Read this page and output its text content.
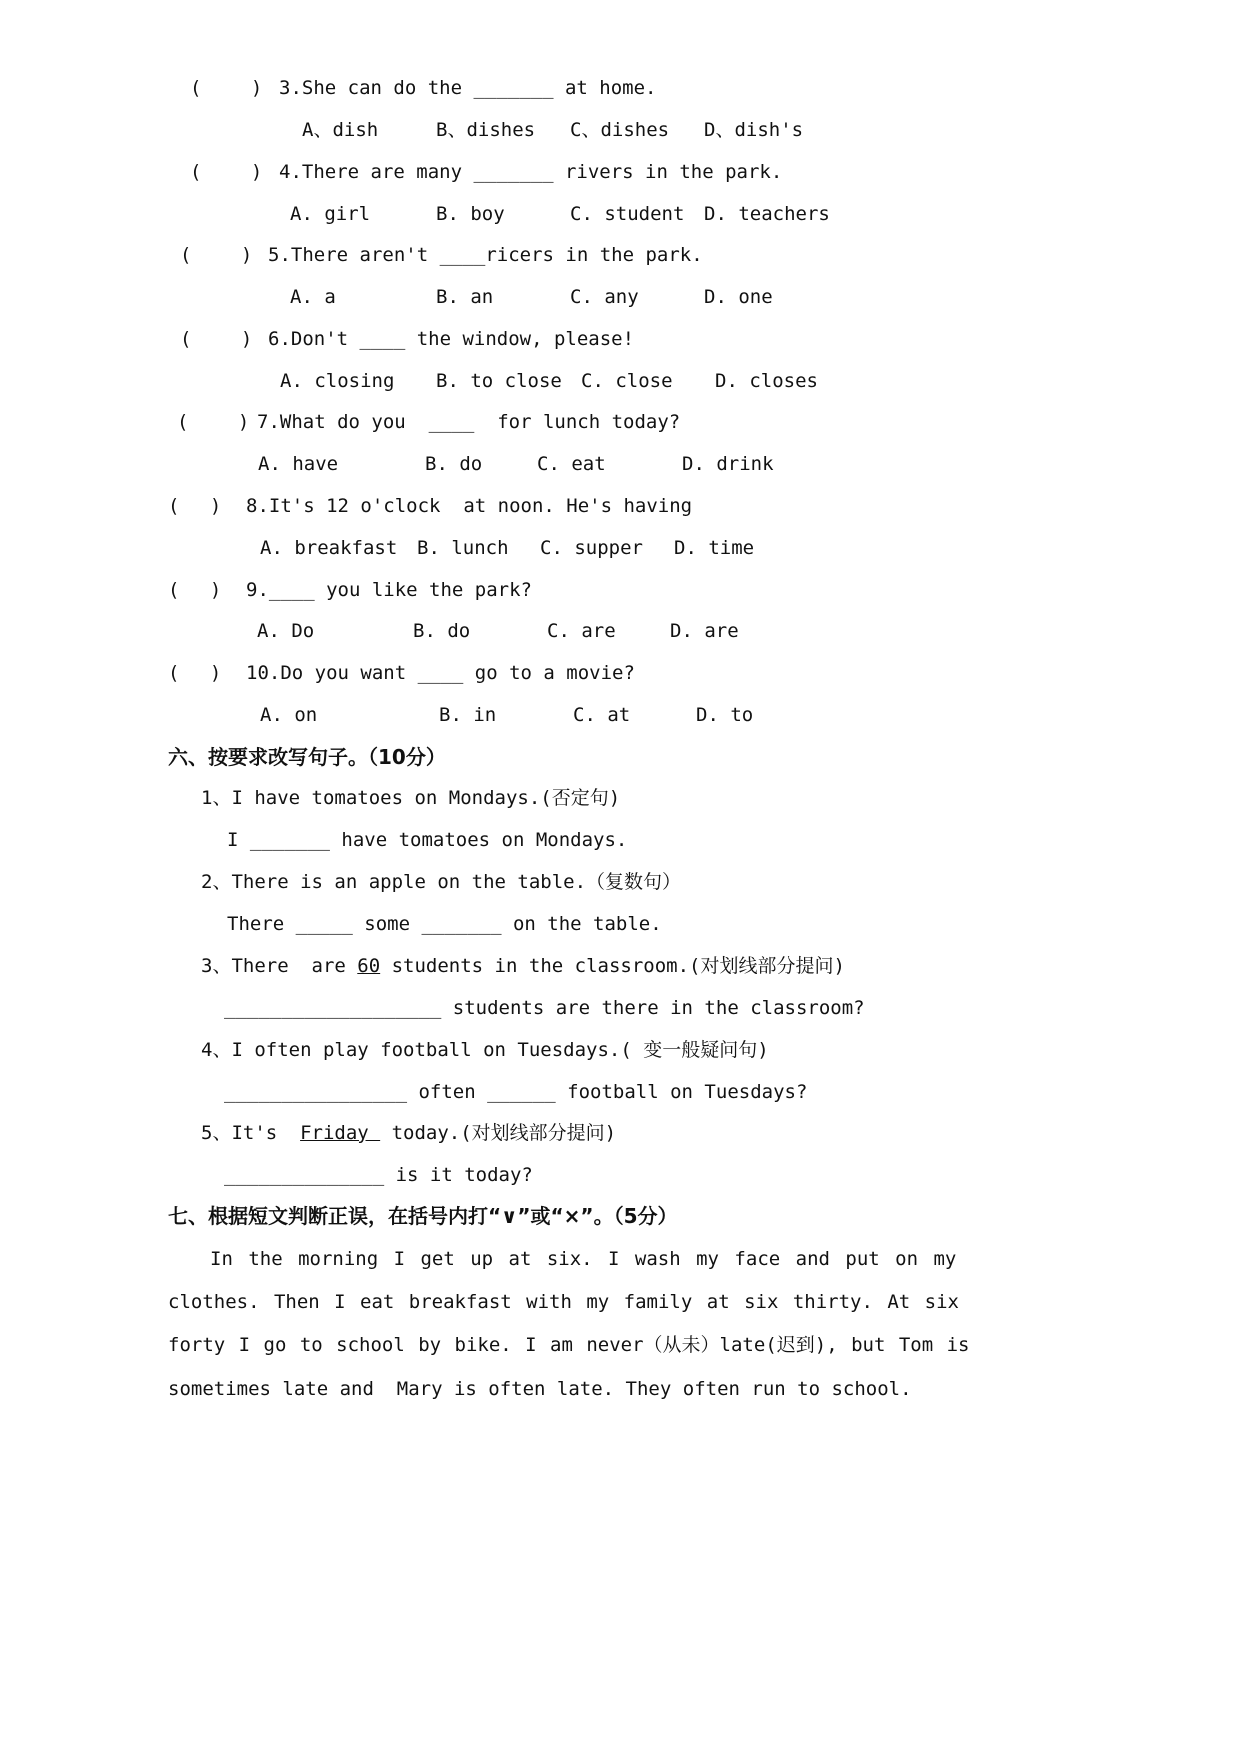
(　　 ) 3.She can do the _______ at home.
A、dish	B、dishes C、dishes D、dish's
(　　 ) 4.There are many _______ rivers in the park.
A. girl	B. boy	C. student D. teachers
(　　 ) 5.There aren't ____ricers in the park.
A. a	B. an	C. any	D. one
(　　 ) 6.Don't ____ the window, please!
A. closing B. to close C. close D. closes
(　　 ) 7.What do you  ____  for lunch today?
A. have	B. do	C. eat	D. drink
(　 ) 8.It's 12 o'clock  at noon. He's having
A. breakfast B. lunch C. supper D. time
(　 ) 9.____ you like the park?
A. Do	B. do	C. are	D. are
(　 ) 10.Do you want ____ go to a movie?
A. on	B. in	C. at	D. to
六、按要求改写句子。（10分）
1、I have tomatoes on Mondays.(否定句)
I _______ have tomatoes on Mondays.
2、There is an apple on the table.（复数句）
There _____ some _______ on the table.
3、There  are 60 students in the classroom.(对划线部分提问)
___________________ students are there in the classroom?
4、I often play football on Tuesdays.( 变一般疑问句)
________________ often ______ football on Tuesdays?
5、It's  Friday  today.(对划线部分提问)
______________ is it today?
七、根据短文判断正误，在括号内打“∨”或“×”。（5分）
In the morning I get up at six. I wash my face and put on my
clothes. Then I eat breakfast with my family at six thirty. At six
forty I go to school by bike. I am never（从未）late(迟到), but Tom is
sometimes late and  Mary is often late. They often run to school.
